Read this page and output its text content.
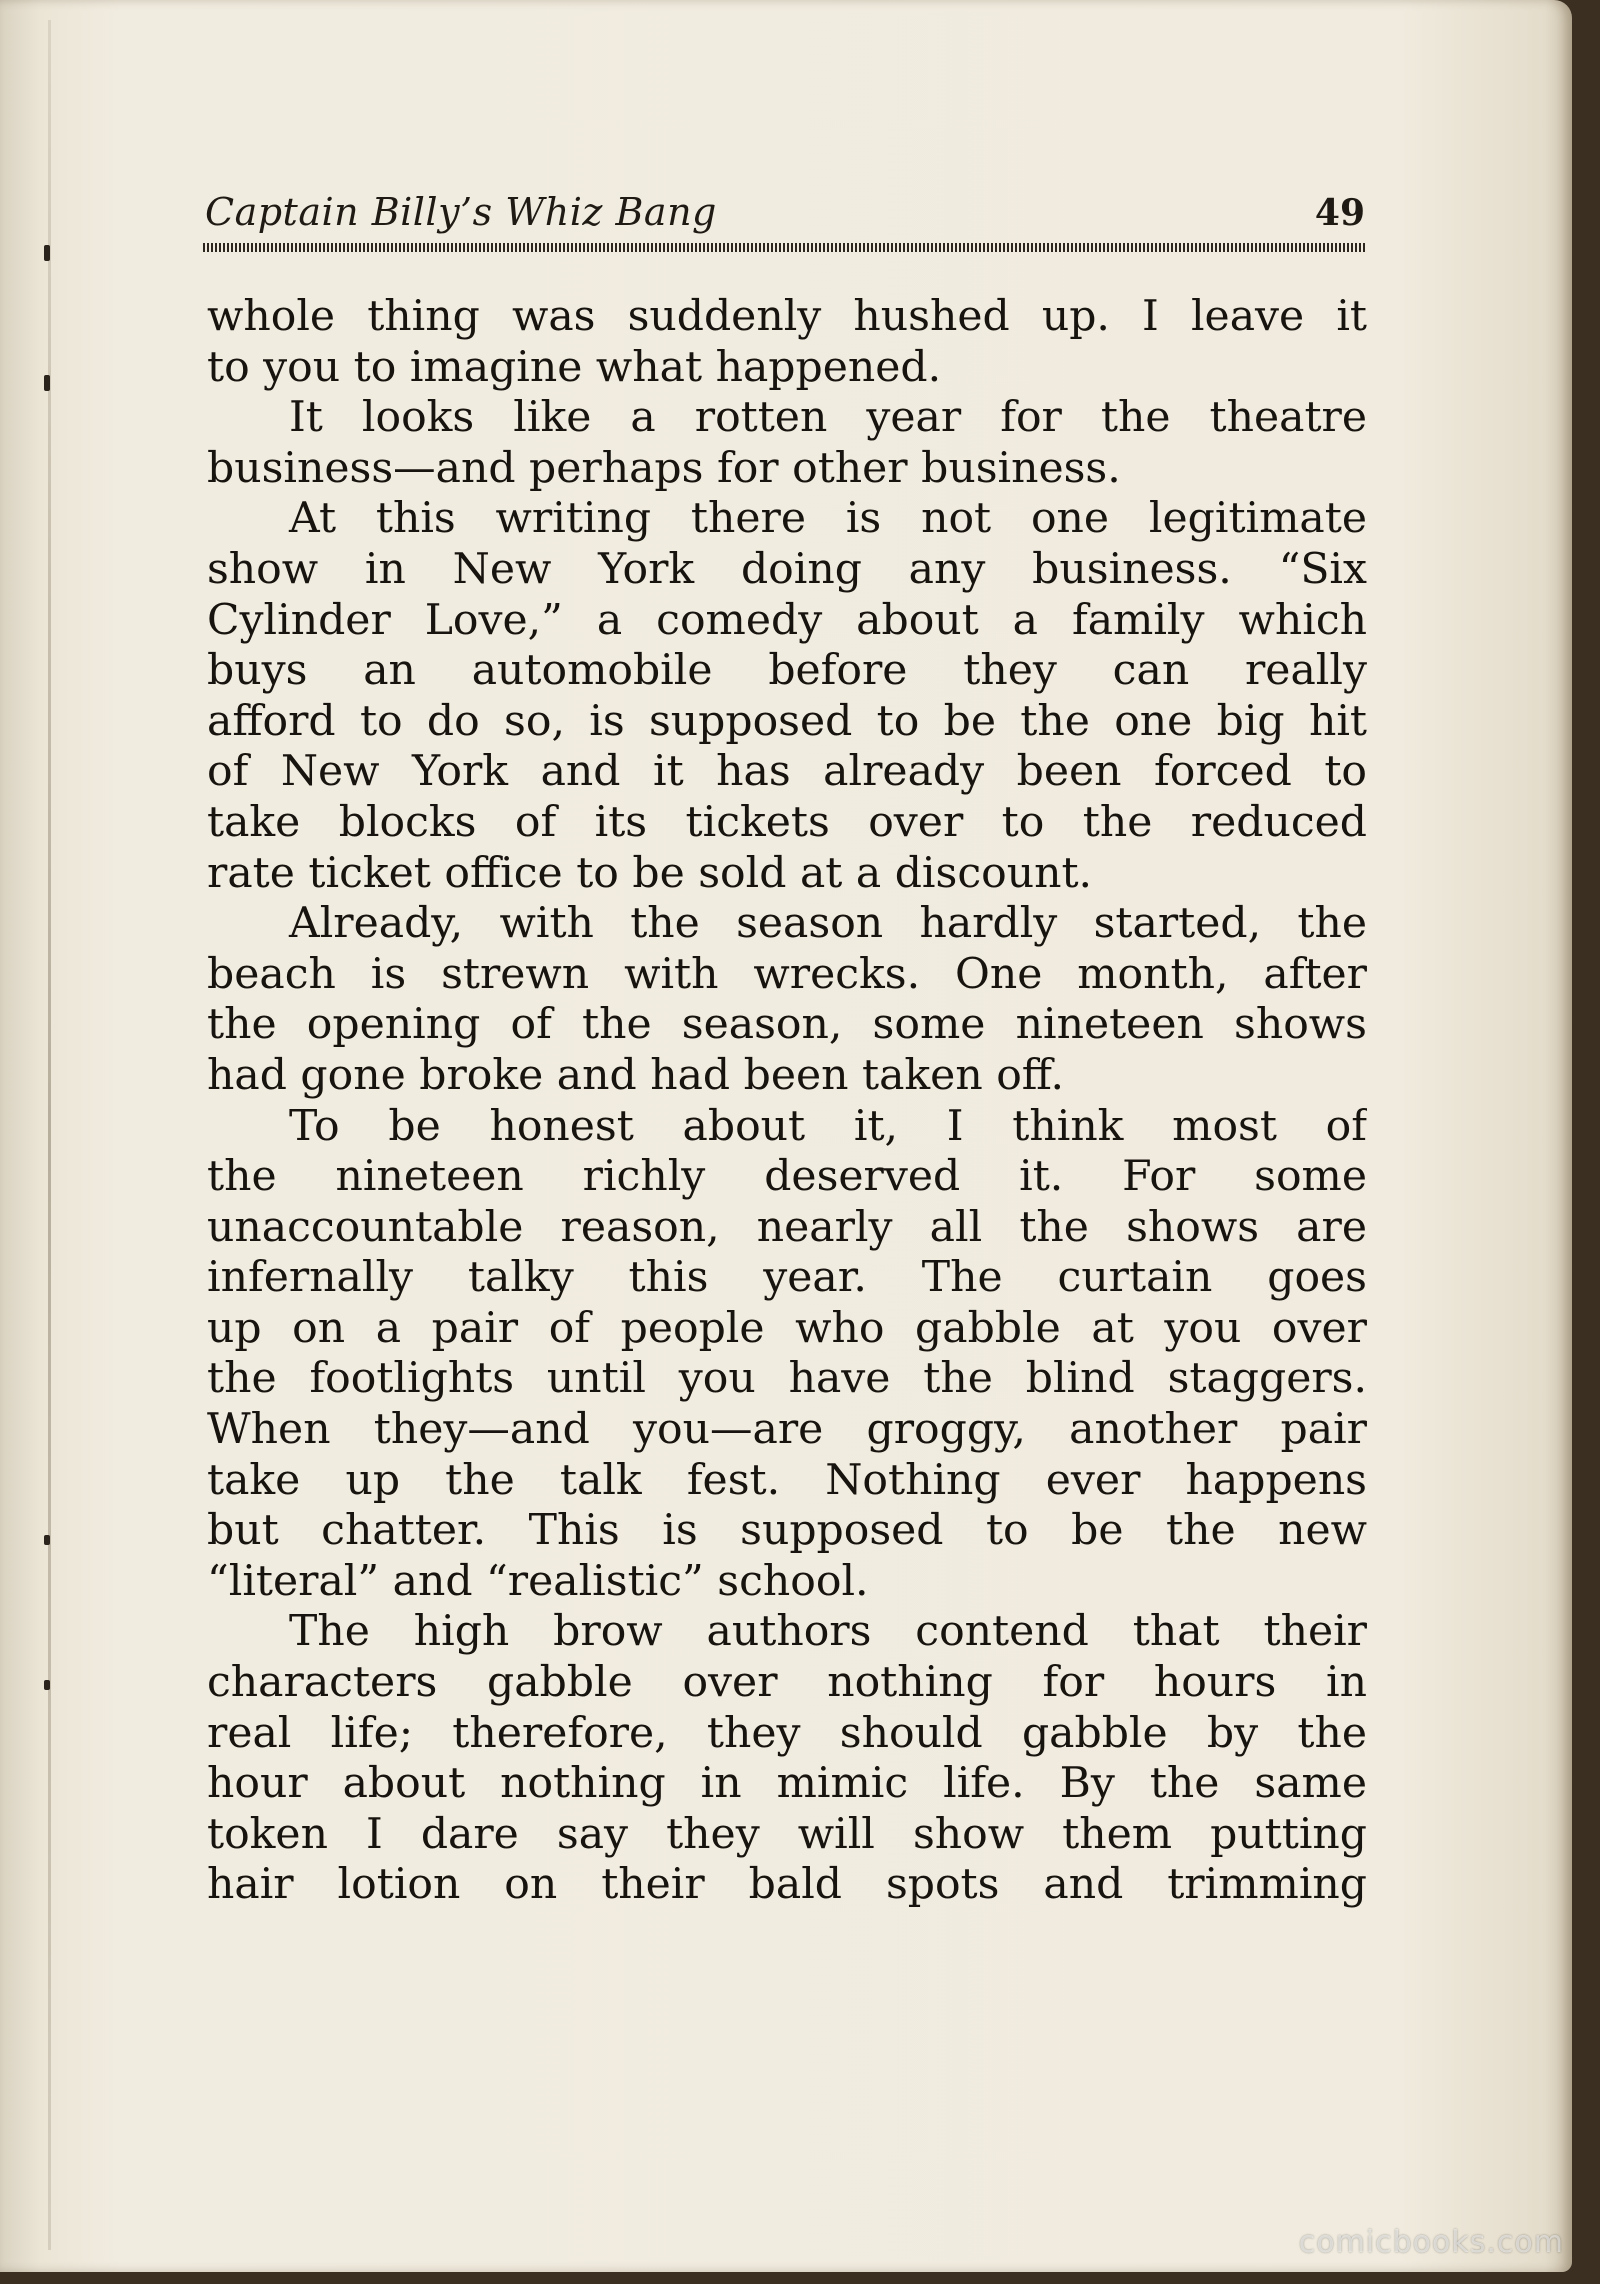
Captain Billy’s Whiz Bang	49
whole thing was suddenly hushed up. I leave it
to you to imagine what happened.
It looks like a rotten year for the theatre
business—and perhaps for other business.
At this writing there is not one legitimate
show in New York doing any business. “Six
Cylinder Love,” a comedy about a family which
buys an automobile before they can really
afford to do so, is supposed to be the one big hit
of New York and it has already been forced to
take blocks of its tickets over to the reduced
rate ticket office to be sold at a discount.
Already, with the season hardly started, the
beach is strewn with wrecks. One month, after
the opening of the season, some nineteen shows
had gone broke and had been taken off.
To be honest about it, I think most of
the nineteen richly deserved it. For some
unaccountable reason, nearly all the shows are
infernally talky this year. The curtain goes
up on a pair of people who gabble at you over
the footlights until you have the blind staggers.
When they—and you—are groggy, another pair
take up the talk fest. Nothing ever happens
but chatter. This is supposed to be the new
“literal” and “realistic” school.
The high brow authors contend that their
characters gabble over nothing for hours in
real life; therefore, they should gabble by the
hour about nothing in mimic life. By the same
token I dare say they will show them putting
hair lotion on their bald spots and trimming
comicbooks.com
